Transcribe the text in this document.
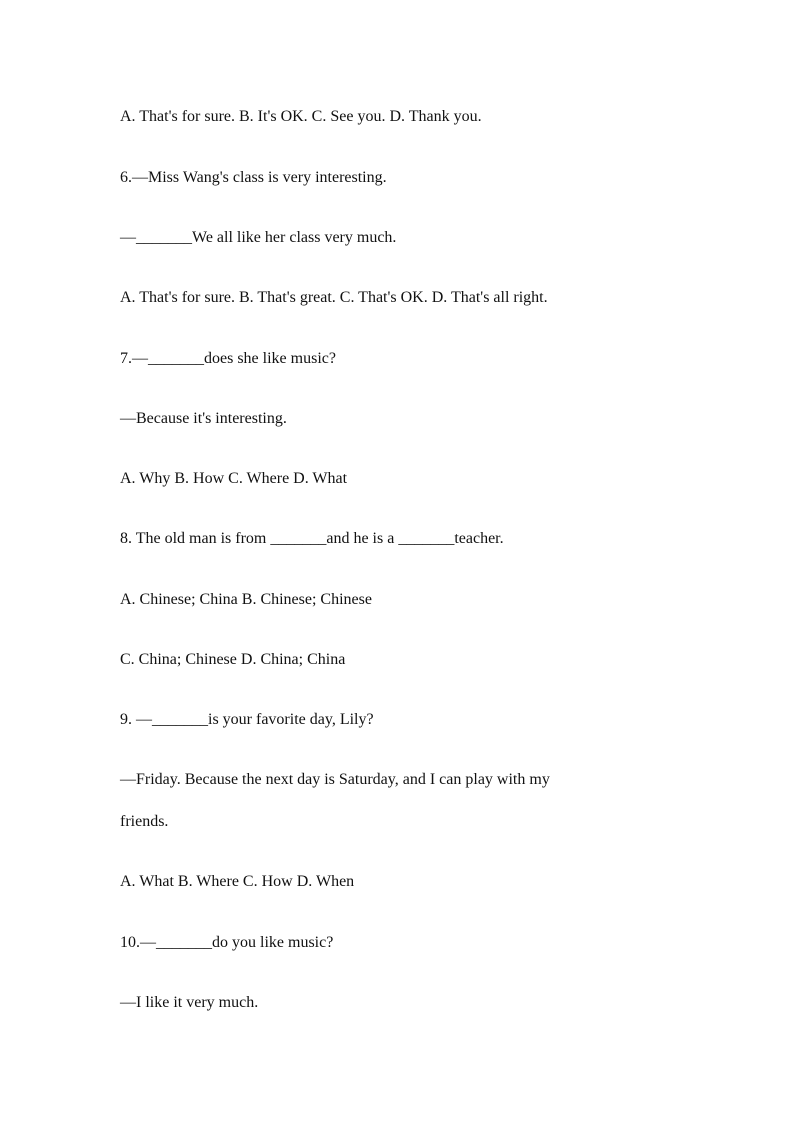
A. That's for sure. B. It's OK. C. See you. D. Thank you.
6.—Miss Wang's class is very interesting.
—_______We all like her class very much.
A. That's for sure. B. That's great. C. That's OK. D. That's all right.
7.—_______does she like music?
—Because it's interesting.
A. Why B. How C. Where D. What
8. The old man is from _______and he is a _______teacher.
A. Chinese; China B. Chinese; Chinese
C. China; Chinese D. China; China
9. —_______is your favorite day, Lily?
—Friday. Because the next day is Saturday, and I can play with my
friends.
A. What B. Where C. How D. When
10.—_______do you like music?
—I like it very much.
